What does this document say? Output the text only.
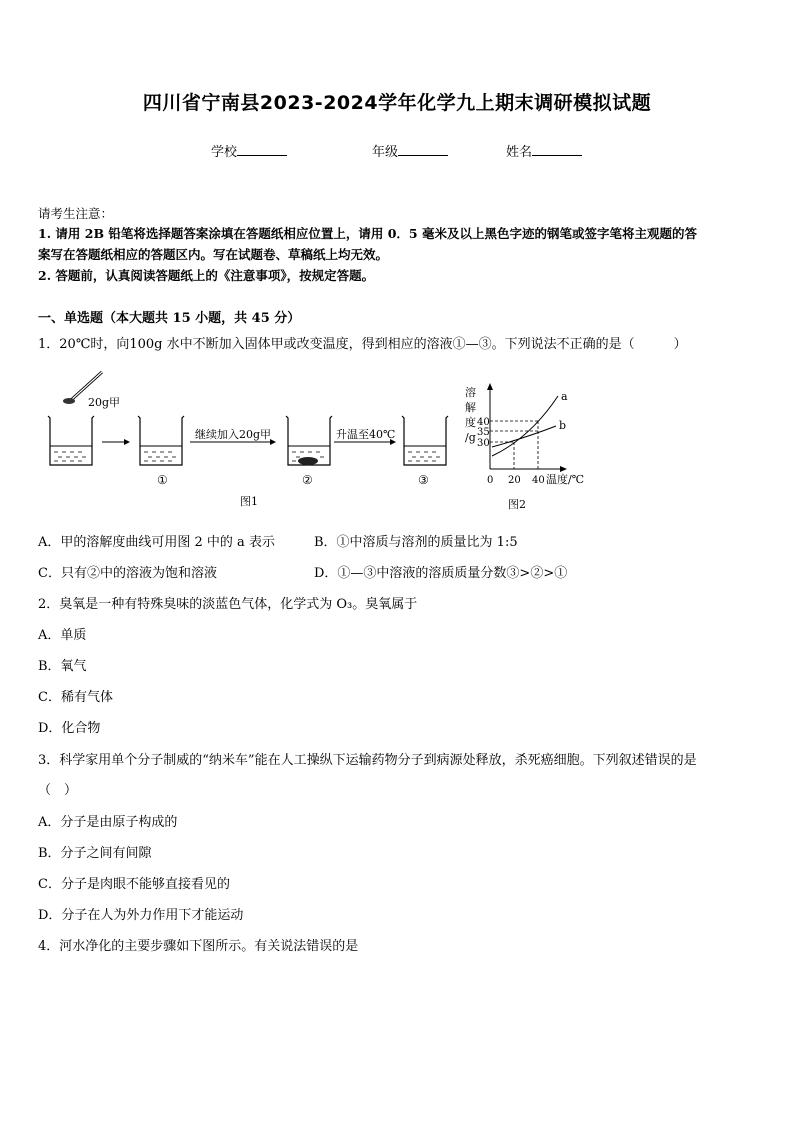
四川省宁南县2023-2024学年化学九上期末调研模拟试题
学校	年级	姓名
请考生注意：
1. 请用 2B 铅笔将选择题答案涂填在答题纸相应位置上，请用 0．5 毫米及以上黑色字迹的钢笔或签字笔将主观题的答
案写在答题纸相应的答题区内。写在试题卷、草稿纸上均无效。
2. 答题前，认真阅读答题纸上的《注意事项》，按规定答题。
一、单选题（本大题共 15 小题，共 45 分）
1．20℃时，向100g 水中不断加入固体甲或改变温度，得到相应的溶液①—③。下列说法不正确的是（　　　）
20g甲
①
继续加入20g甲
②
升温至40℃
③
图1
a
b
溶
解
度
/g
40
35
30
0 20 40 温度/℃
图2
A．甲的溶解度曲线可用图 2 中的 a 表示	B．①中溶质与溶剂的质量比为 1:5
C．只有②中的溶液为饱和溶液	D．①—③中溶液的溶质质量分数③>②>①
2．臭氧是一种有特殊臭味的淡蓝色气体，化学式为 O₃。臭氧属于
A．单质
B．氧气
C．稀有气体
D．化合物
3．科学家用单个分子制威的“纳米车”能在人工操纵下运输药物分子到病源处释放，杀死癌细胞。下列叙述错误的是
（　）
A．分子是由原子构成的
B．分子之间有间隙
C．分子是肉眼不能够直接看见的
D．分子在人为外力作用下才能运动
4．河水净化的主要步骤如下图所示。有关说法错误的是
